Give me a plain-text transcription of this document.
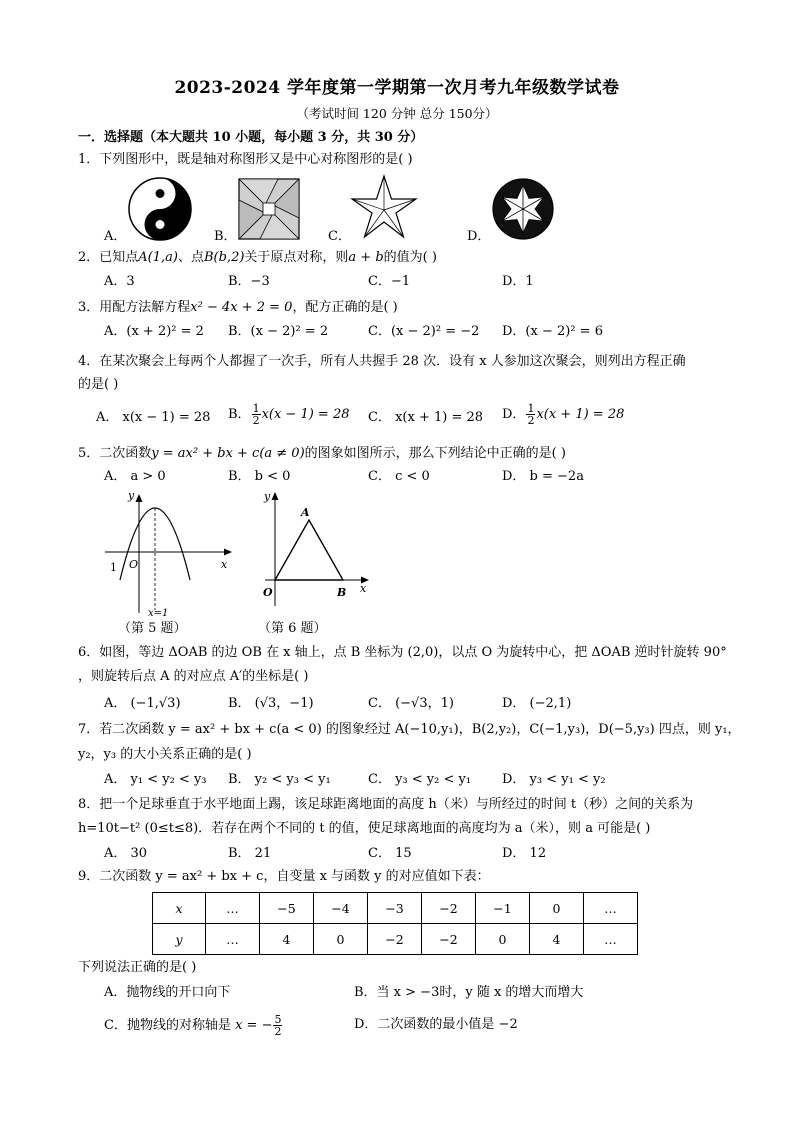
2023-2024 学年度第一学期第一次月考九年级数学试卷
（考试时间 120 分钟 总分 150分）
一．选择题（本大题共 10 小题，每小题 3 分，共 30 分）
1．下列图形中，既是轴对称图形又是中心对称图形的是( )
A．	B．	C．	D．
2．已知点A(1,a)、点B(b,2)关于原点对称，则a + b的值为( )
A．3	B．−3	C．−1	D．1
3．用配方法解方程x² − 4x + 2 = 0，配方正确的是( )
A．(x + 2)² = 2 B．(x − 2)² = 2	C．(x − 2)² = −2 D．(x − 2)² = 6
4．在某次聚会上每两个人都握了一次手，所有人共握手 28 次．设有 x 人参加这次聚会，则列出方程正确
的是( )
A． x(x − 1) = 28 B． $\frac{1}{2} x(x - 1) = 28$ C． x(x + 1) = 28 D． $\frac{1}{2} x(x + 1) = 28$
5．二次函数y = ax² + bx + c(a ≠ 0)的图象如图所示，那么下列结论中正确的是( )
A． a > 0	B． b < 0	C． c < 0	D． b = −2a
y
x
O
1
x=1
（第 5 题）
y
x
O	B
A
（第 6 题）
6．如图，等边 ΔOAB 的边 OB 在 x 轴上，点 B 坐标为 (2,0)，以点 O 为旋转中心，把 ΔOAB 逆时针旋转 90°
，则旋转后点 A 的对应点 A′的坐标是( )
A． (−1,√3)	B． (√3，−1)	C． (−√3，1)	D． (−2,1)
7．若二次函数 y = ax² + bx + c(a < 0) 的图象经过 A(−10,y₁)，B(2,y₂)，C(−1,y₃)，D(−5,y₃) 四点，则 y₁，
y₂，y₃ 的大小关系正确的是( )
A． y₁ < y₂ < y₃ B． y₂ < y₃ < y₁	C． y₃ < y₂ < y₁ D． y₃ < y₁ < y₂
8．把一个足球垂直于水平地面上踢，该足球距离地面的高度 h（米）与所经过的时间 t（秒）之间的关系为
h=10t−t² (0≤t≤8)．若存在两个不同的 t 的值，使足球离地面的高度均为 a（米），则 a 可能是( )
A． 30	B． 21	C． 15	D． 12
9．二次函数 y = ax² + bx + c，自变量 x 与函数 y 的对应值如下表：
x	…	−5	−4	−3	−2	−1	0	…
y	…	4	0	−2	−2	0	4	…
下列说法正确的是( )
A．抛物线的开口向下	B．当 x > −3时，y 随 x 的增大而增大
C．抛物线的对称轴是 x = − $\frac{5}{2}$	D．二次函数的最小值是 −2
